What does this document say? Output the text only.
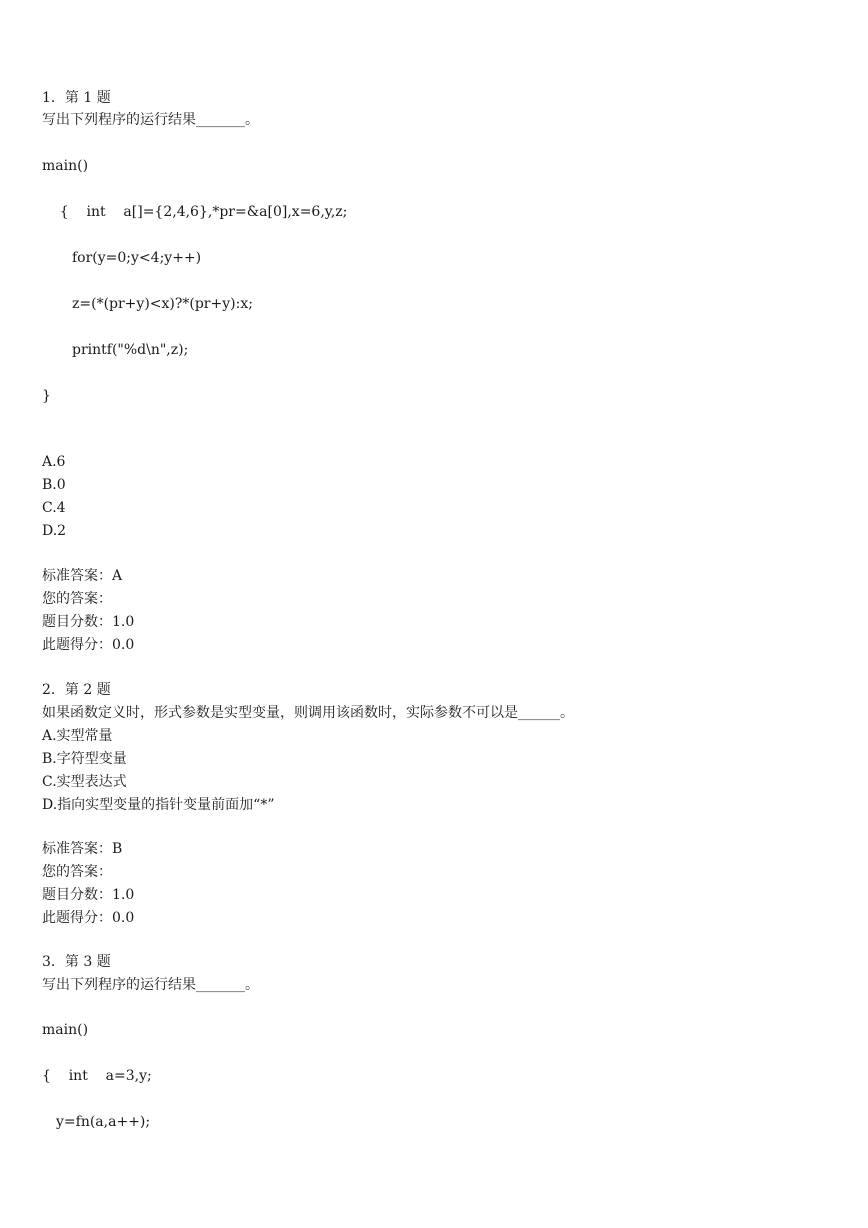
1．第 1 题
写出下列程序的运行结果_______。
main()
{    int    a[]={2,4,6},*pr=&a[0],x=6,y,z;
for(y=0;y<4;y++)
z=(*(pr+y)<x)?*(pr+y):x;
printf("%d\n",z);
}
A.6
B.0
C.4
D.2
标准答案：A
您的答案：
题目分数：1.0
此题得分：0.0
2．第 2 题
如果函数定义时，形式参数是实型变量，则调用该函数时，实际参数不可以是______。
A.实型常量
B.字符型变量
C.实型表达式
D.指向实型变量的指针变量前面加“*”
标准答案：B
您的答案：
题目分数：1.0
此题得分：0.0
3．第 3 题
写出下列程序的运行结果_______。
main()
{    int    a=3,y;
y=fn(a,a++);
